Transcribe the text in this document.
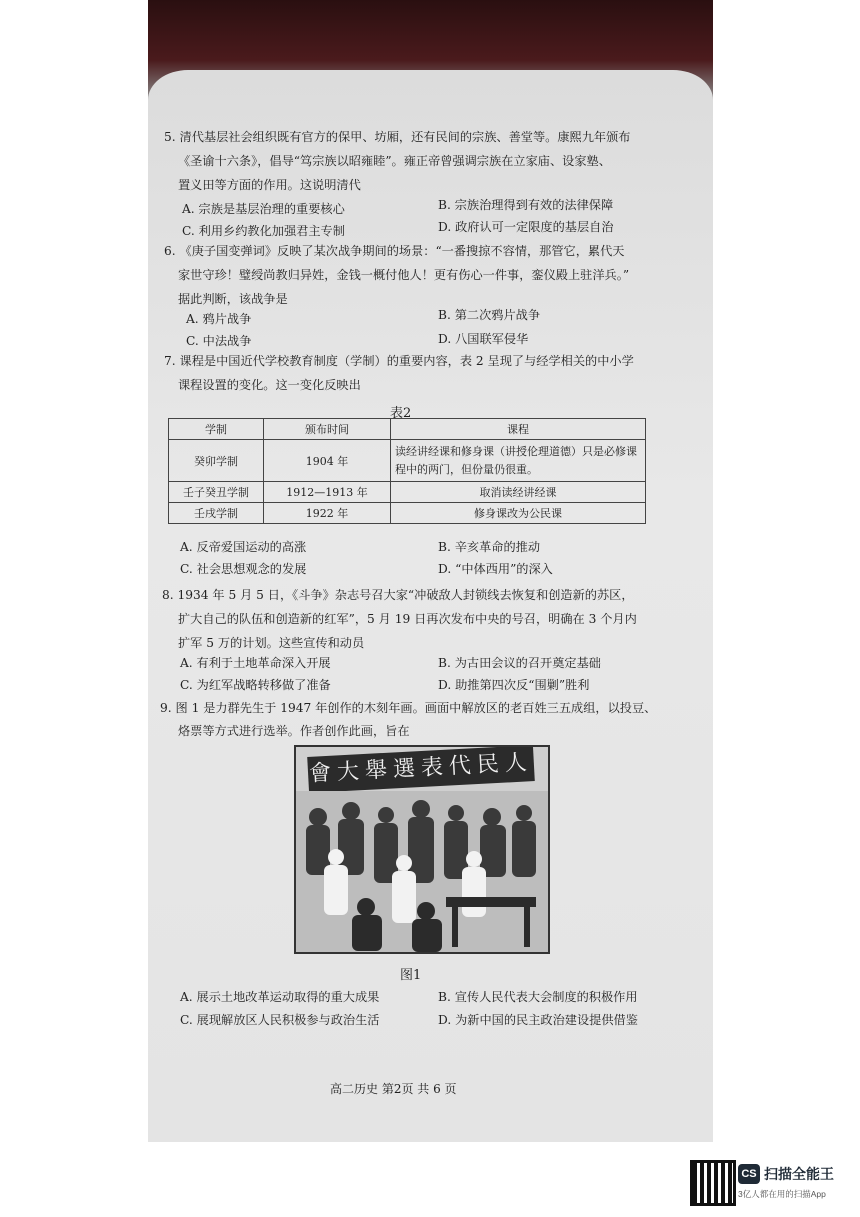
5. 清代基层社会组织既有官方的保甲、坊厢，还有民间的宗族、善堂等。康熙九年颁布
《圣谕十六条》，倡导“笃宗族以昭雍睦”。雍正帝曾强调宗族在立家庙、设家塾、
置义田等方面的作用。这说明清代
A. 宗族是基层治理的重要核心	B. 宗族治理得到有效的法律保障
C. 利用乡约教化加强君主专制	D. 政府认可一定限度的基层自治
6. 《庚子国变弹词》反映了某次战争期间的场景：“一番搜掠不容情，那管它，累代天
家世守珍！璧绶尚教归异姓，金钱一概付他人！更有伤心一件事，銮仪殿上驻洋兵。”
据此判断，该战争是
A. 鸦片战争	B. 第二次鸦片战争
C. 中法战争	D. 八国联军侵华
7. 课程是中国近代学校教育制度（学制）的重要内容，表 2 呈现了与经学相关的中小学
课程设置的变化。这一变化反映出
表2
学制	颁布时间	课程
癸卯学制	1904 年	读经讲经课和修身课（讲授伦理道德）只是必修课程中的两门，但份量仍很重。
壬子癸丑学制	1912—1913 年	取消读经讲经课
壬戌学制	1922 年	修身课改为公民课
A. 反帝爱国运动的高涨	B. 辛亥革命的推动
C. 社会思想观念的发展	D. “中体西用”的深入
8. 1934 年 5 月 5 日，《斗争》杂志号召大家“冲破敌人封锁线去恢复和创造新的苏区，
扩大自己的队伍和创造新的红军”，5 月 19 日再次发布中央的号召，明确在 3 个月内
扩军 5 万的计划。这些宣传和动员
A. 有利于土地革命深入开展	B. 为古田会议的召开奠定基础
C. 为红军战略转移做了准备	D. 助推第四次反“围剿”胜利
9. 图 1 是力群先生于 1947 年创作的木刻年画。画面中解放区的老百姓三五成组，以投豆、
烙票等方式进行选举。作者创作此画，旨在
會大舉選表代民人
图1
A. 展示土地改革运动取得的重大成果	B. 宣传人民代表大会制度的积极作用
C. 展现解放区人民积极参与政治生活	D. 为新中国的民主政治建设提供借鉴
高二历史 第2页 共 6 页
CS 扫描全能王
3亿人都在用的扫描App
